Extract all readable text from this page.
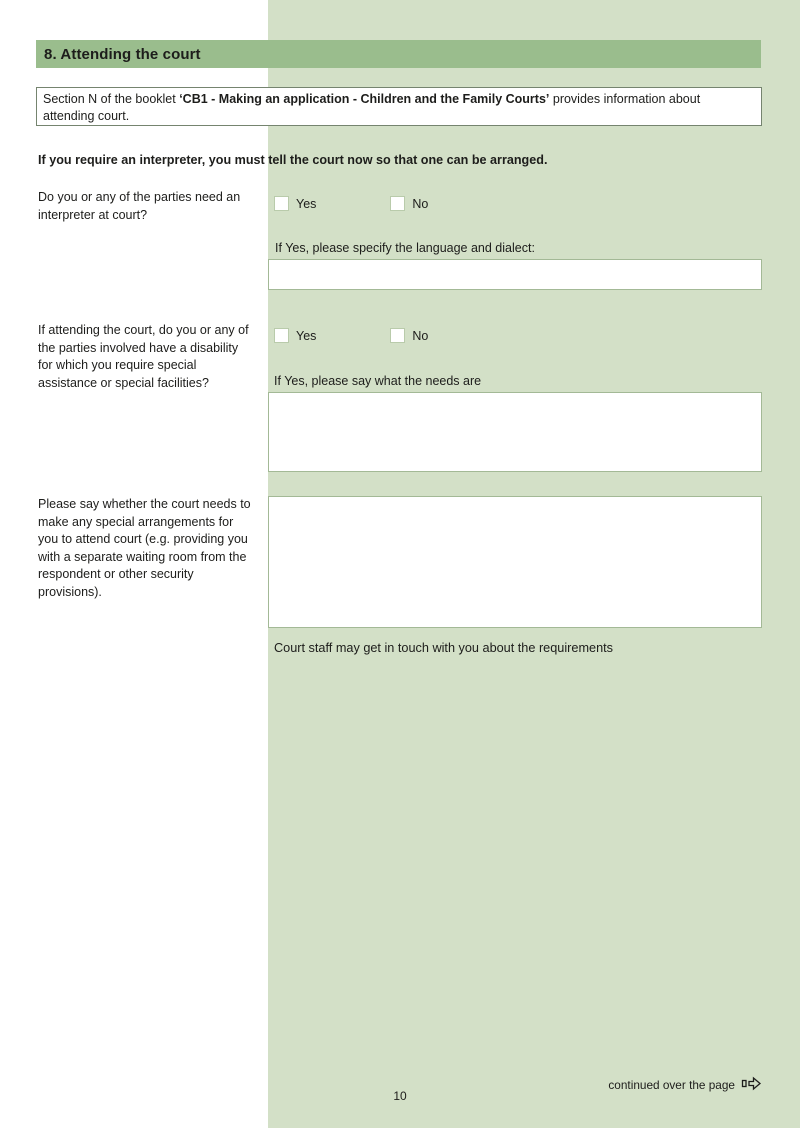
8. Attending the court
Section N of the booklet ‘CB1 - Making an application - Children and the Family Courts’ provides information about attending court.
If you require an interpreter, you must tell the court now so that one can be arranged.
Do you or any of the parties need an interpreter at court?
Yes	No
If Yes, please specify the language and dialect:
If attending the court, do you or any of the parties involved have a disability for which you require special assistance or special facilities?
Yes	No
If Yes, please say what the needs are
Please say whether the court needs to make any special arrangements for you to attend court (e.g. providing you with a separate waiting room from the respondent or other security provisions).
Court staff may get in touch with you about the requirements
continued over the page
10
